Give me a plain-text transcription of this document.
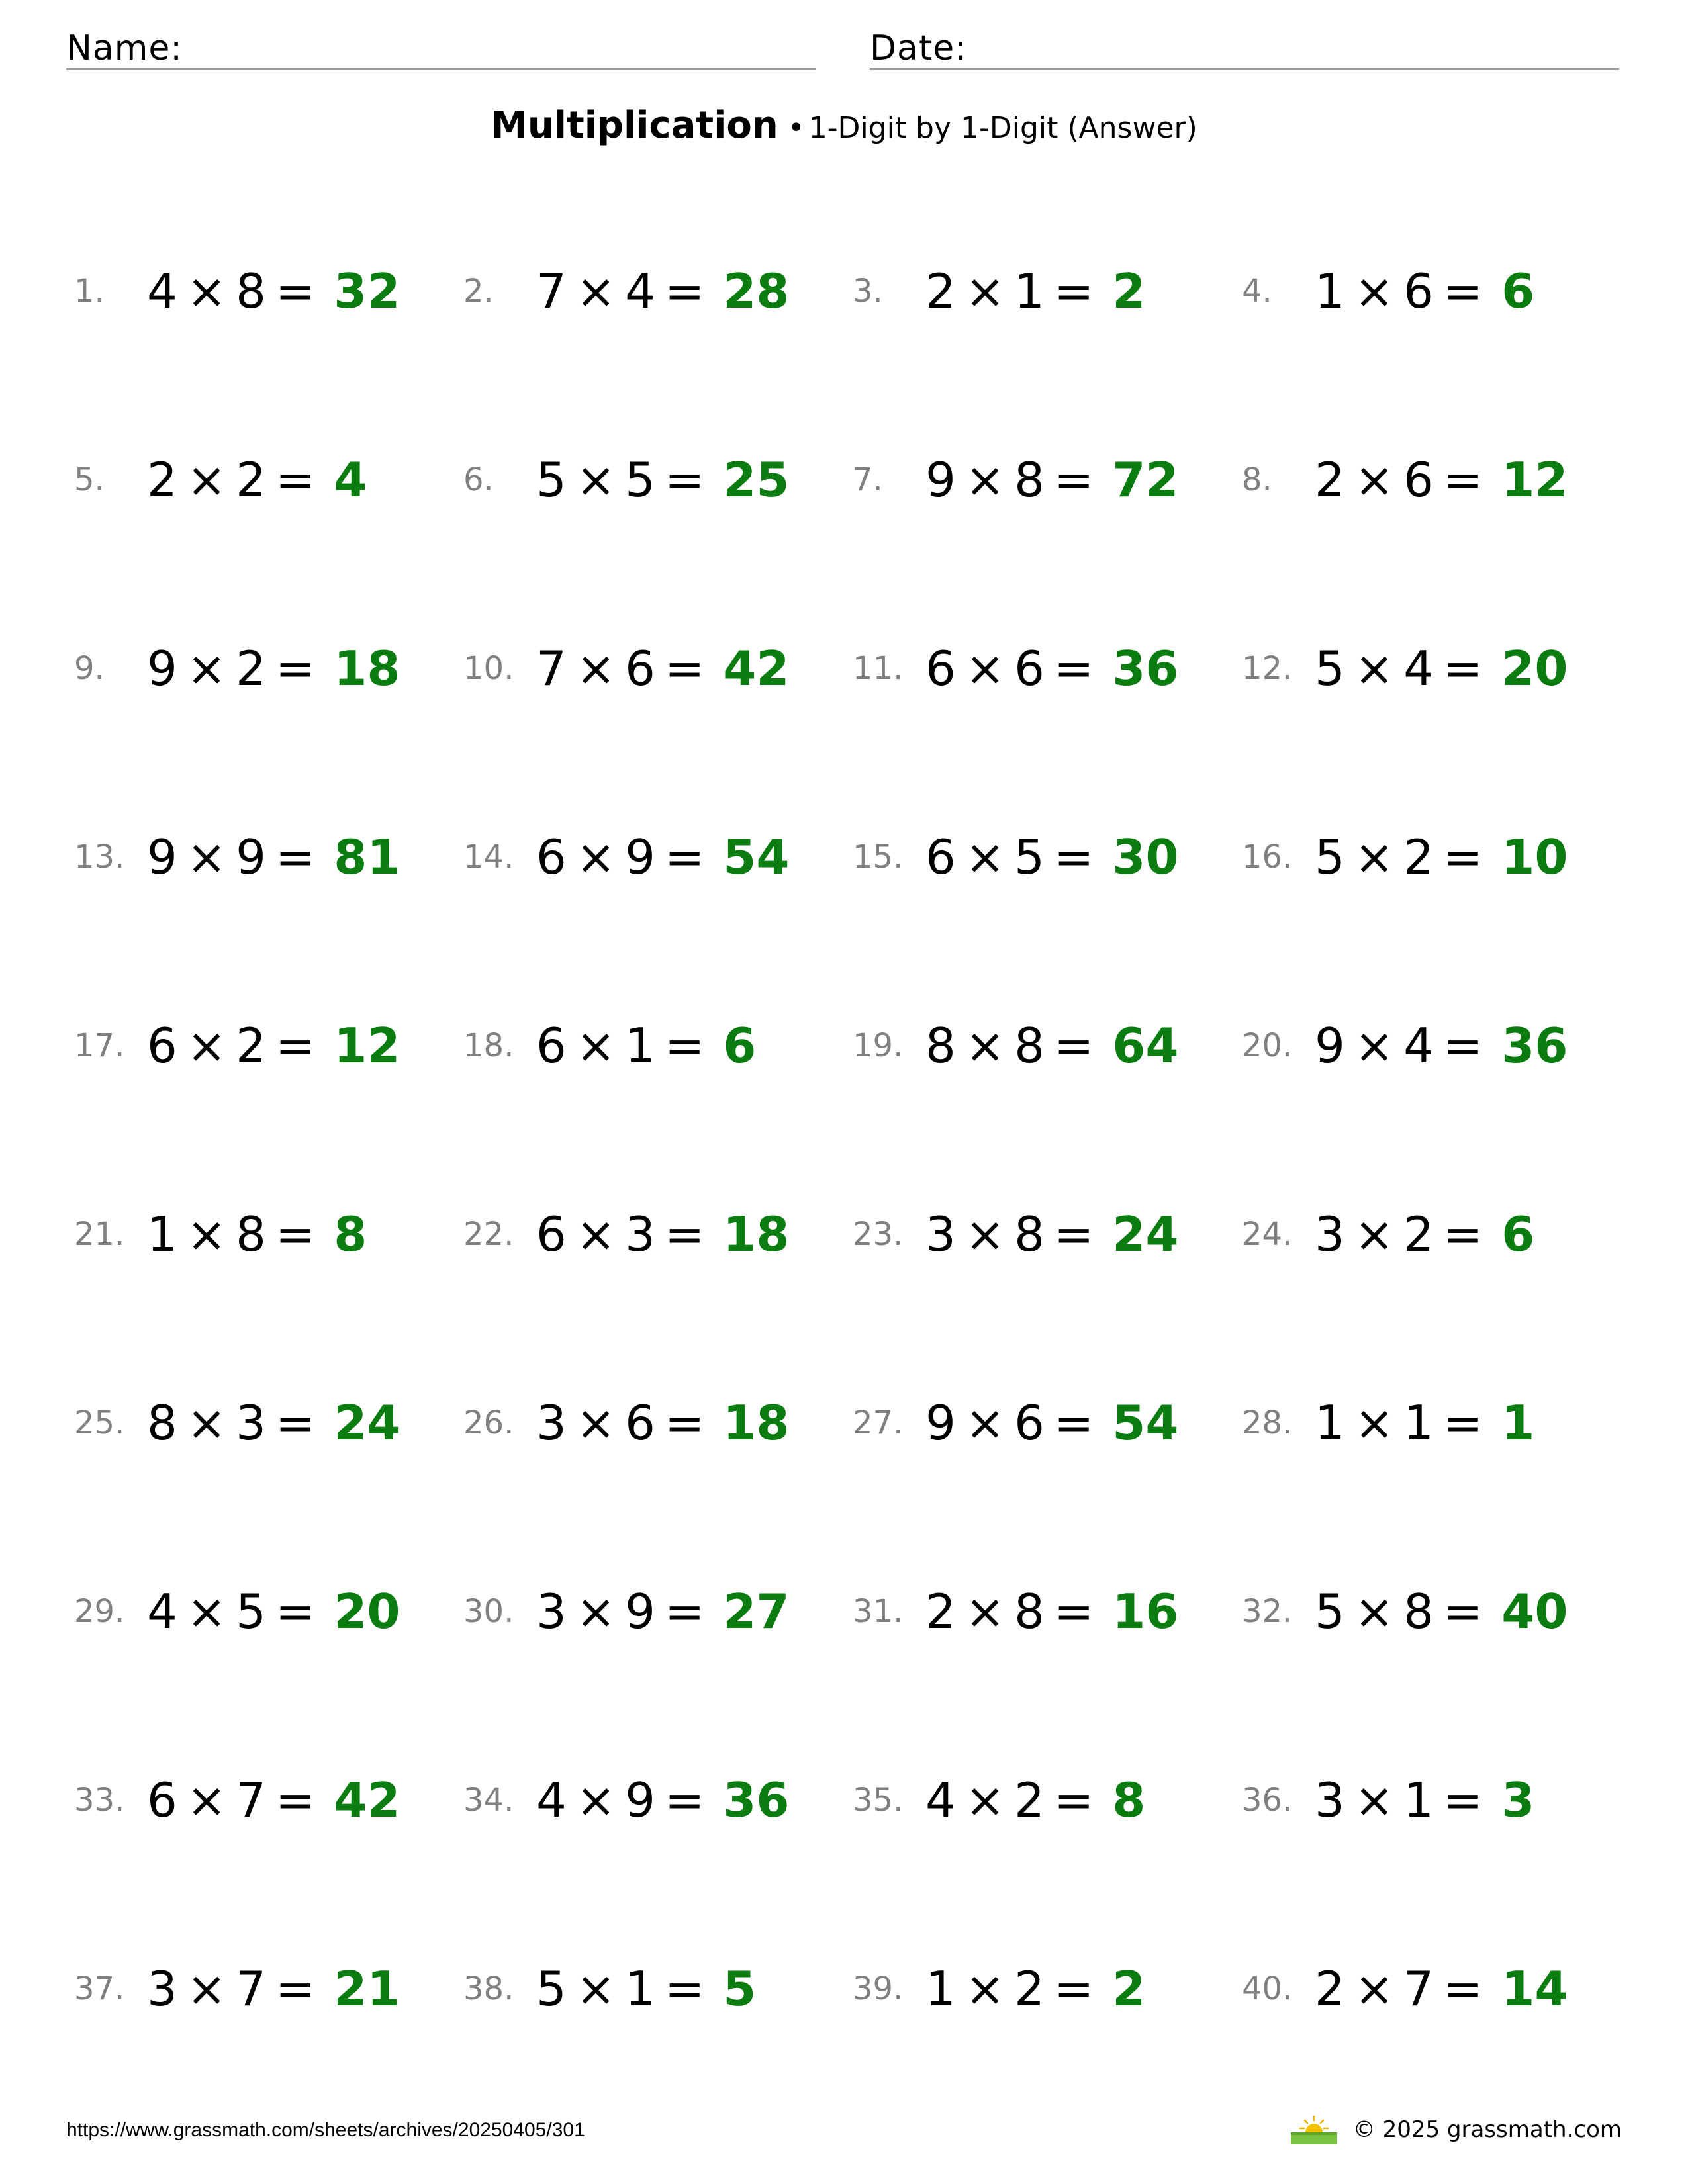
Name:	Date:
Multiplication • 1-Digit by 1-Digit (Answer)
1. 4 × 8 = 32 2. 7 × 4 = 28 3. 2 × 1 = 2	4. 1 × 6 = 6
5. 2 × 2 = 4	6. 5 × 5 = 25 7. 9 × 8 = 72 8. 2 × 6 = 12
9. 9 × 2 = 18 10. 7 × 6 = 42 11. 6 × 6 = 36 12. 5 × 4 = 20
13. 9 × 9 = 81 14. 6 × 9 = 54 15. 6 × 5 = 30 16. 5 × 2 = 10
17. 6 × 2 = 12 18. 6 × 1 = 6	19. 8 × 8 = 64 20. 9 × 4 = 36
21. 1 × 8 = 8	22. 6 × 3 = 18 23. 3 × 8 = 24 24. 3 × 2 = 6
25. 8 × 3 = 24 26. 3 × 6 = 18 27. 9 × 6 = 54 28. 1 × 1 = 1
29. 4 × 5 = 20 30. 3 × 9 = 27 31. 2 × 8 = 16 32. 5 × 8 = 40
33. 6 × 7 = 42 34. 4 × 9 = 36 35. 4 × 2 = 8	36. 3 × 1 = 3
37. 3 × 7 = 21 38. 5 × 1 = 5	39. 1 × 2 = 2	40. 2 × 7 = 14
https://www.grassmath.com/sheets/archives/20250405/301	© 2025 grassmath.com
